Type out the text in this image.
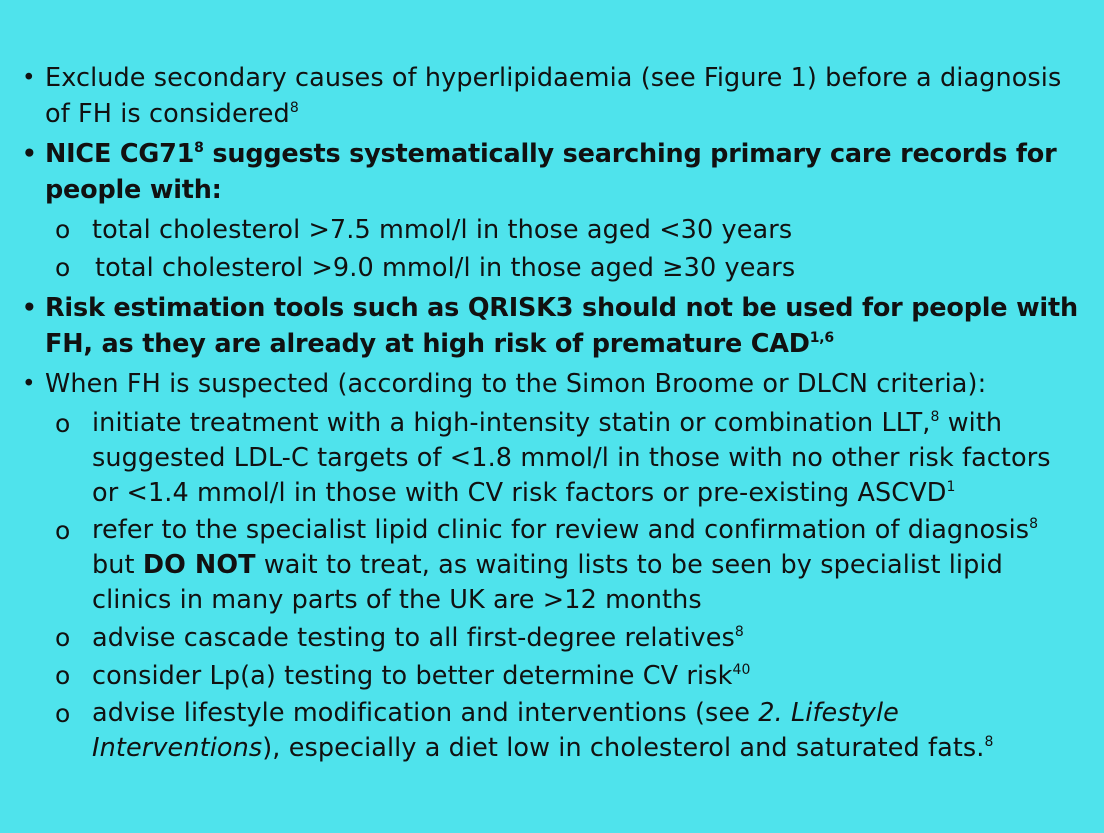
• Exclude secondary causes of hyperlipidaemia (see Figure 1) before a diagnosis of FH is considered$^8$
• NICE $CG71^8$ suggests systematically searching primary care records for people with:
o total cholesterol >7.5 mmol/l in those aged <30 years
o total cholesterol >9.0 mmol/l in those aged ≥30 years
• Risk estimation tools such as QRISK3 should not be used for people with FH, as they are already at high risk of premature CAD$^{1,6}$
• When FH is suspected (according to the Simon Broome or DLCN criteria):
o initiate treatment with a high-intensity statin or combination LLT,$^8$ with suggested LDL-C targets of <1.8 mmol/l in those with no other risk factors or <1.4 mmol/l in those with CV risk factors or pre-existing ASCVD$^1$
o refer to the specialist lipid clinic for review and confirmation of diagnosis$^8$ but DO NOT wait to treat, as waiting lists to be seen by specialist lipid clinics in many parts of the UK are >12 months
o advise cascade testing to all first-degree relatives$^8$
o consider Lp(a) testing to better determine CV risk$^{40}$
o advise lifestyle modification and interventions (see 2. Lifestyle Interventions), especially a diet low in cholesterol and saturated fats.$^8$
